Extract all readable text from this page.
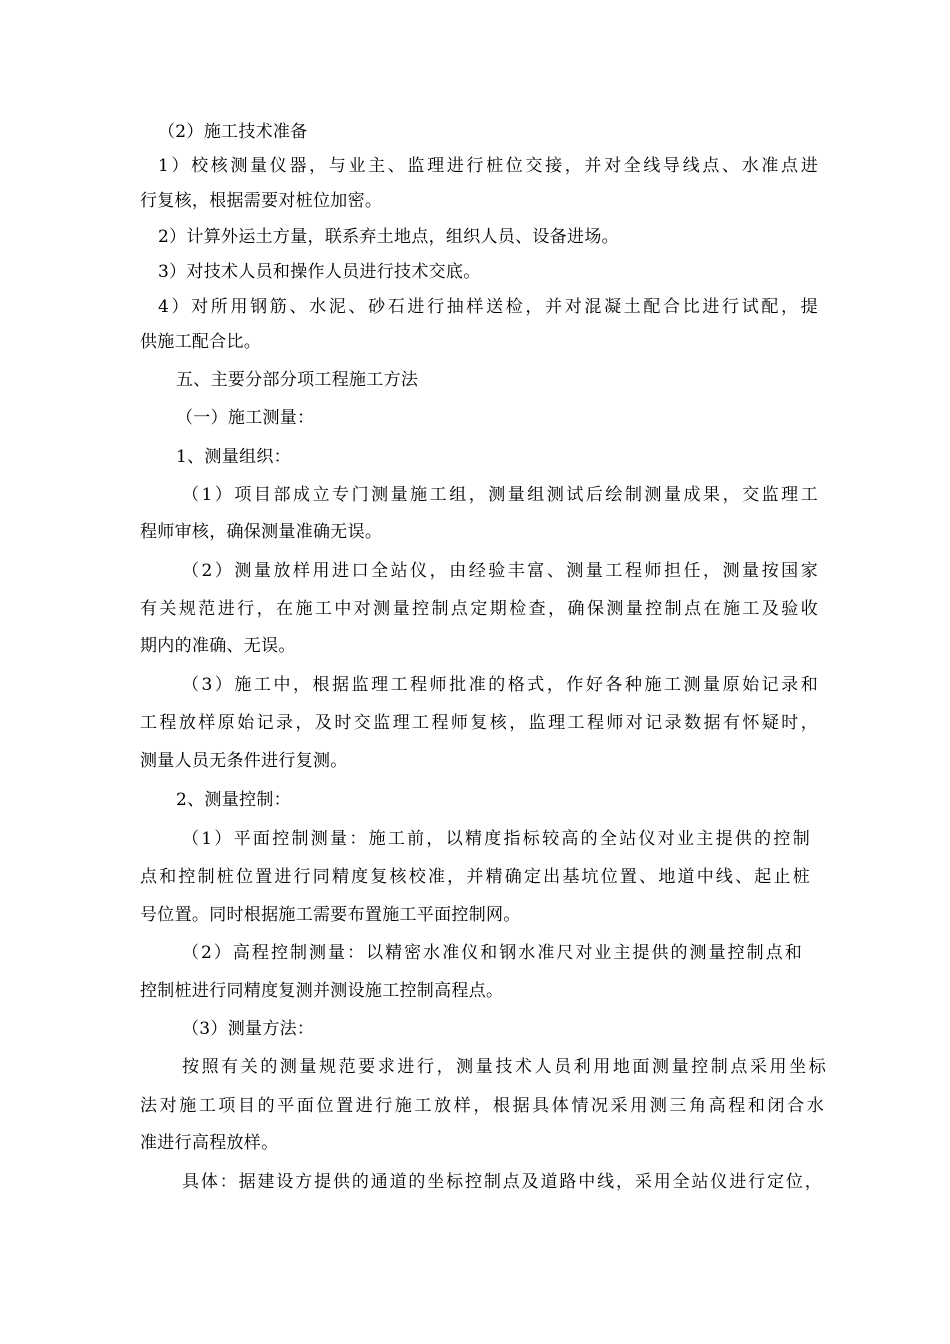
（2）施工技术准备
1）校核测量仪器，与业主、监理进行桩位交接，并对全线导线点、水准点进
行复核，根据需要对桩位加密。
2）计算外运土方量，联系弃土地点，组织人员、设备进场。
3）对技术人员和操作人员进行技术交底。
4）对所用钢筋、水泥、砂石进行抽样送检，并对混凝土配合比进行试配，提
供施工配合比。
五、主要分部分项工程施工方法
（一）施工测量：
1、测量组织：
（1）项目部成立专门测量施工组，测量组测试后绘制测量成果，交监理工
程师审核，确保测量准确无误。
（2）测量放样用进口全站仪，由经验丰富、测量工程师担任，测量按国家
有关规范进行，在施工中对测量控制点定期检查，确保测量控制点在施工及验收
期内的准确、无误。
（3）施工中，根据监理工程师批准的格式，作好各种施工测量原始记录和
工程放样原始记录，及时交监理工程师复核，监理工程师对记录数据有怀疑时，
测量人员无条件进行复测。
2、测量控制：
（1）平面控制测量：施工前，以精度指标较高的全站仪对业主提供的控制
点和控制桩位置进行同精度复核校准，并精确定出基坑位置、地道中线、起止桩
号位置。同时根据施工需要布置施工平面控制网。
（2）高程控制测量：以精密水准仪和钢水准尺对业主提供的测量控制点和
控制桩进行同精度复测并测设施工控制高程点。
（3）测量方法：
按照有关的测量规范要求进行，测量技术人员利用地面测量控制点采用坐标
法对施工项目的平面位置进行施工放样，根据具体情况采用测三角高程和闭合水
准进行高程放样。
具体：据建设方提供的通道的坐标控制点及道路中线，采用全站仪进行定位，
